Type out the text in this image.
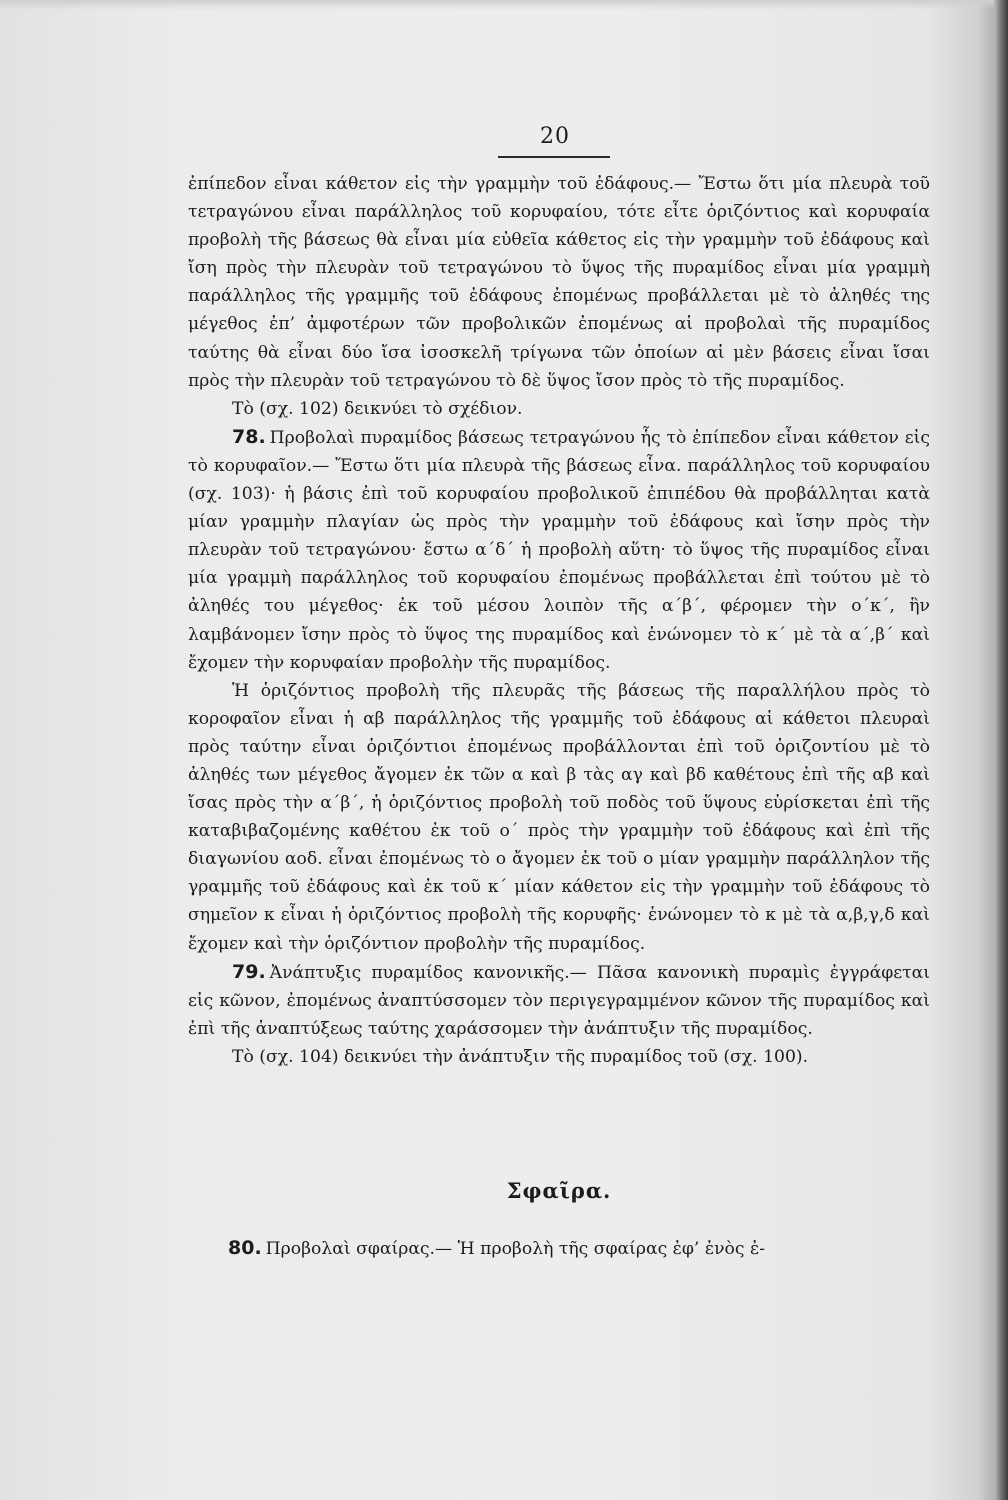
20

ἐπίπεδον εἶναι κάθετον εἰς τὴν γραμμὴν τοῦ ἐδάφους.— Ἔστω ὅτι μία πλευρὰ τοῦ τετραγώνου εἶναι παράλληλος τοῦ κορυφαίου, τότε εἶτε ὁριζόντιος καὶ κορυφαία προβολὴ τῆς βάσεως θὰ εἶναι μία εὐθεῖα κάθετος εἰς τὴν γραμμὴν τοῦ ἐδάφους καὶ ἴση πρὸς τὴν πλευρὰν τοῦ τετραγώνου τὸ ὕψος τῆς πυραμίδος εἶναι μία γραμμὴ παράλληλος τῆς γραμμῆς τοῦ ἐδάφους ἐπομένως προβάλλεται μὲ τὸ ἀληθές της μέγεθος ἐπ’ ἀμφοτέρων τῶν προβολικῶν ἐπομένως αἱ προβολαὶ τῆς πυραμίδος ταύτης θὰ εἶναι δύο ἴσα ἰσοσκελῆ τρίγωνα τῶν ὁποίων αἱ μὲν βάσεις εἶναι ἴσαι πρὸς τὴν πλευρὰν τοῦ τετραγώνου τὸ δὲ ὕψος ἴσον πρὸς τὸ τῆς πυραμίδος.

Τὸ (σχ. 102) δεικνύει τὸ σχέδιον.

78. Προβολαὶ πυραμίδος βάσεως τετραγώνου ἧς τὸ ἐπίπεδον εἶναι κάθετον εἰς τὸ κορυφαῖον.— Ἔστω ὅτι μία πλευρὰ τῆς βάσεως εἶνα. παράλληλος τοῦ κορυφαίου (σχ. 103)· ἡ βάσις ἐπὶ τοῦ κορυφαίου προβολικοῦ ἐπιπέδου θὰ προβάλληται κατὰ μίαν γραμμὴν πλαγίαν ὡς πρὸς τὴν γραμμὴν τοῦ ἐδάφους καὶ ἴσην πρὸς τὴν πλευρὰν τοῦ τετραγώνου· ἔστω α΄δ΄ ἡ προβολὴ αὕτη· τὸ ὕψος τῆς πυραμίδος εἶναι μία γραμμὴ παράλληλος τοῦ κορυφαίου ἐπομένως προβάλλεται ἐπὶ τούτου μὲ τὸ ἀληθές του μέγεθος· ἐκ τοῦ μέσου λοιπὸν τῆς α΄β΄, φέρομεν τὴν ο΄κ΄, ἣν λαμβάνομεν ἴσην πρὸς τὸ ὕψος της πυραμίδος καὶ ἑνώνομεν τὸ κ΄ μὲ τὰ α΄,β΄ καὶ ἔχομεν τὴν κορυφαίαν προβολὴν τῆς πυραμίδος.

Ἡ ὁριζόντιος προβολὴ τῆς πλευρᾶς τῆς βάσεως τῆς παραλλήλου πρὸς τὸ κοροφαῖον εἶναι ἡ αβ παράλληλος τῆς γραμμῆς τοῦ ἐδάφους αἱ κάθετοι πλευραὶ πρὸς ταύτην εἶναι ὁριζόντιοι ἐπομένως προβάλλονται ἐπὶ τοῦ ὁριζοντίου μὲ τὸ ἀληθές των μέγεθος ἄγομεν ἐκ τῶν α καὶ β τὰς αγ καὶ βδ καθέτους ἐπὶ τῆς αβ καὶ ἴσας πρὸς τὴν α΄β΄, ἡ ὁριζόντιος προβολὴ τοῦ ποδὸς τοῦ ὕψους εὑρίσκεται ἐπὶ τῆς καταβιβαζομένης καθέτου ἐκ τοῦ ο΄ πρὸς τὴν γραμμὴν τοῦ ἐδάφους καὶ ἐπὶ τῆς διαγωνίου αοδ. εἶναι ἐπομένως τὸ ο ἄγομεν ἐκ τοῦ ο μίαν γραμμὴν παράλληλον τῆς γραμμῆς τοῦ ἐδάφους καὶ ἐκ τοῦ κ΄ μίαν κάθετον εἰς τὴν γραμμὴν τοῦ ἐδάφους τὸ σημεῖον κ εἶναι ἡ ὁριζόντιος προβολὴ τῆς κορυφῆς· ἑνώνομεν τὸ κ μὲ τὰ α,β,γ,δ καὶ ἔχομεν καὶ τὴν ὁριζόντιον προβολὴν τῆς πυραμίδος.

79. Ἀνάπτυξις πυραμίδος κανονικῆς.— Πᾶσα κανονικὴ πυραμὶς ἐγγράφεται εἰς κῶνον, ἐπομένως ἀναπτύσσομεν τὸν περιγεγραμμένον κῶνον τῆς πυραμίδος καὶ ἐπὶ τῆς ἀναπτύξεως ταύτης χαράσσομεν τὴν ἀνάπτυξιν τῆς πυραμίδος.

Τὸ (σχ. 104) δεικνύει τὴν ἀνάπτυξιν τῆς πυραμίδος τοῦ (σχ. 100).

Σφαῖρα.
80. Προβολαὶ σφαίρας.— Ἡ προβολὴ τῆς σφαίρας ἐφ’ ἑνὸς ἐ-
